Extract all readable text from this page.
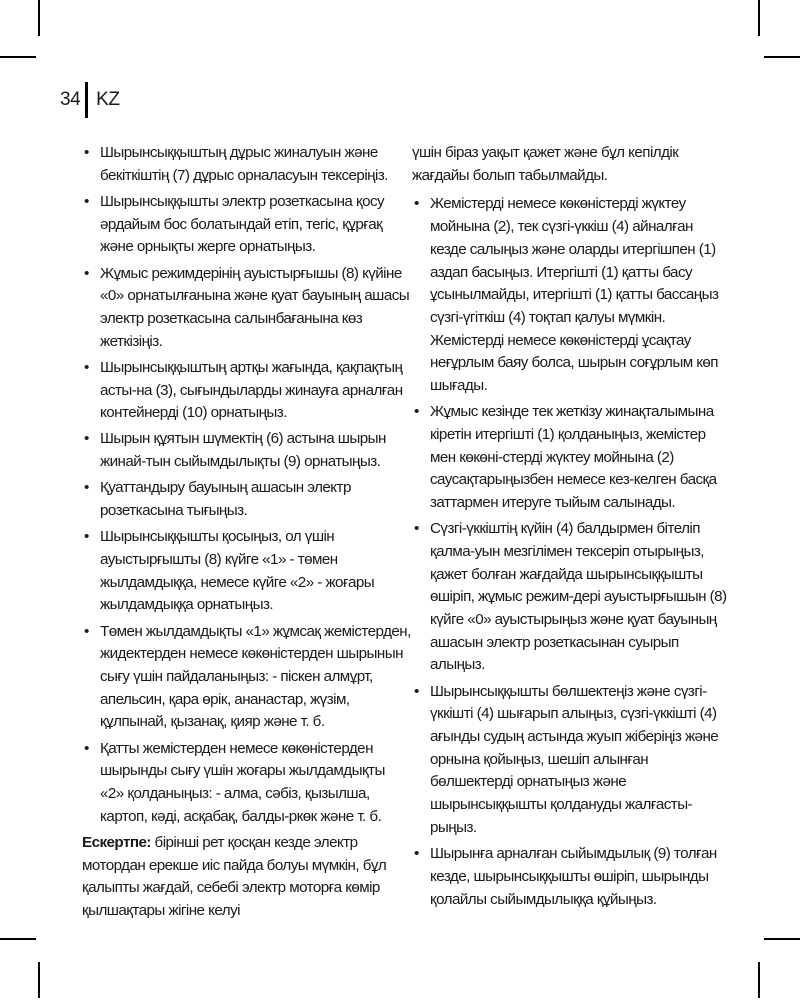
34 KZ
• Шырынсыққыштың дұрыс жиналуын және бекіткіштің (7) дұрыс орналасуын тексеріңіз.
• Шырынсыққышты электр розеткасына қосу әрдайым бос болатындай етіп, тегіс, құрғақ және орнықты жерге орнатыңыз.
• Жұмыс режимдерінің ауыстырғышы (8) күйіне «0» орнатылғанына және қуат бауының ашасы электр розеткасына салынбағанына көз жеткізіңіз.
• Шырынсыққыштың артқы жағында, қақпақтың асты-на (3), сығындыларды жинауға арналған контейнерді (10) орнатыңыз.
• Шырын құятын шүмектің (6) астына шырын жинай-тын сыйымдылықты (9) орнатыңыз.
• Қуаттандыру бауының ашасын электр розеткасына тығыңыз.
• Шырынсыққышты қосыңыз, ол үшін ауыстырғышты (8) күйге «1» - төмен жылдамдыққа, немесе күйге «2» - жоғары жылдамдыққа орнатыңыз.
• Төмен жылдамдықты «1» жұмсақ жемістерден, жидектерден немесе көкөністерден шырынын сығу үшін пайдаланыңыз: - піскен алмұрт, апельсин, қара өрік, ананастар, жүзім, құлпынай, қызанақ, қияр және т. б.
• Қатты жемістерден немесе көкөністерден шырынды сығу үшін жоғары жылдамдықты «2» қолданыңыз: - алма, сәбіз, қызылша, картоп, кәді, асқабақ, балды-ркөк және т. б.

Ескертпе: бірінші рет қосқан кезде электр мотордан ерекше иіс пайда болуы мүмкін, бұл қалыпты жағдай, себебі электр моторға көмір қылшақтары жігіне келуі

үшін біраз уақыт қажет және бұл кепілдік жағдайы болып табылмайды.

• Жемістерді немесе көкөністерді жүктеу мойнына (2), тек сүзгі-үккіш (4) айналған кезде салыңыз және оларды итергішпен (1) аздап басыңыз. Итергішті (1) қатты басу ұсынылмайды, итергішті (1) қатты бассаңыз сүзгі-үгіткіш (4) тоқтап қалуы мүмкін. Жемістерді немесе көкөністерді ұсақтау неғұрлым баяу болса, шырын соғұрлым көп шығады.
• Жұмыс кезінде тек жеткізу жинақталымына кіретін итергішті (1) қолданыңыз, жемістер мен көкөні-стерді жүктеу мойнына (2) саусақтарыңызбен немесе кез-келген басқа заттармен итеруге тыйым салынады.
• Сүзгі-үккіштің күйін (4) балдырмен бітеліп қалма-уын мезгілімен тексеріп отырыңыз, қажет болған жағдайда шырынсыққышты өшіріп, жұмыс режим-дері ауыстырғышын (8) күйге «0» ауыстырыңыз және қуат бауының ашасын электр розеткасынан суырып алыңыз.
• Шырынсыққышты бөлшектеңіз және сүзгі-үккішті (4) шығарып алыңыз, сүзгі-үккішті (4) ағынды судың астында жуып жіберіңіз және орнына қойыңыз, шешіп алынған бөлшектерді орнатыңыз және шырынсыққышты қолдануды жалғасты-рыңыз.
• Шырынға арналған сыйымдылық (9) толған кезде, шырынсыққышты өшіріп, шырынды қолайлы сыйымдылыққа құйыңыз.
